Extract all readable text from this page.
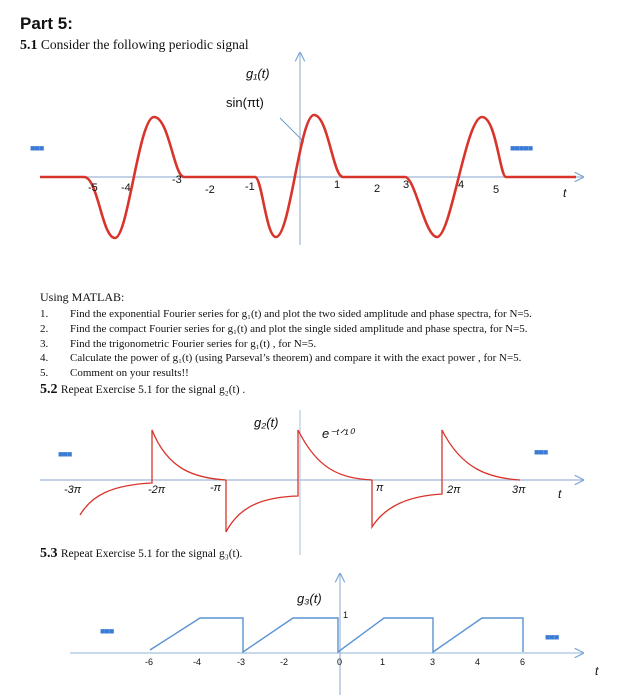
Part 5:
5.1 Consider the following periodic signal
g₁(t)
sin(πt)
■■■	■■■■■
t
-5 -4
-3
-2	-1	1	2 3	4	5
g₂(t)
e⁻ᵗᐟ¹⁰
■■■	■■■
t
-3π	-2π	-π	π	2π	3π
g₃(t)
1
■■■
■■■
t
-6	-4	-3	-2	0	1	3	4	6
Using MATLAB:
1. Find the exponential Fourier series for g₁(t) and plot the two sided amplitude and phase spectra, for N=5.
2. Find the compact Fourier series for g₁(t) and plot the single sided amplitude and phase spectra, for N=5.
3. Find the trigonometric Fourier series for g₁(t) , for N=5.
4. Calculate the power of g₁(t) (using Parseval’s theorem) and compare it with the exact power , for N=5.
5. Comment on your results!!
5.2 Repeat Exercise 5.1 for the signal g₂(t) .
5.3 Repeat Exercise 5.1 for the signal g₃(t).
